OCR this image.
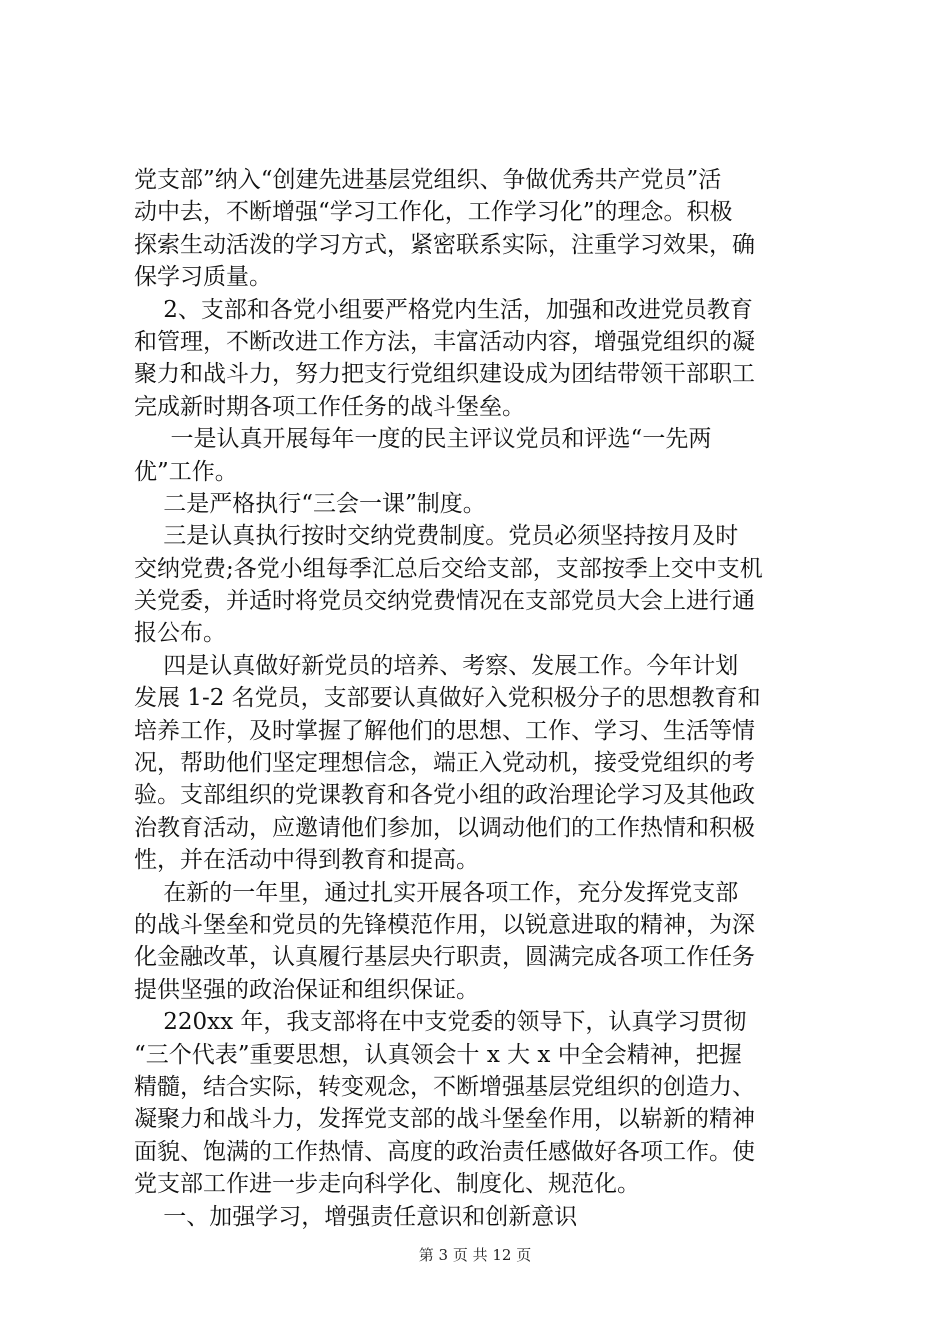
党支部”纳入“创建先进基层党组织、争做优秀共产党员”活
动中去，不断增强“学习工作化，工作学习化”的理念。积极
探索生动活泼的学习方式，紧密联系实际，注重学习效果，确
保学习质量。
2、支部和各党小组要严格党内生活，加强和改进党员教育
和管理，不断改进工作方法，丰富活动内容，增强党组织的凝
聚力和战斗力，努力把支行党组织建设成为团结带领干部职工
完成新时期各项工作任务的战斗堡垒。
一是认真开展每年一度的民主评议党员和评选“一先两
优”工作。
二是严格执行“三会一课”制度。
三是认真执行按时交纳党费制度。党员必须坚持按月及时
交纳党费;各党小组每季汇总后交给支部，支部按季上交中支机
关党委，并适时将党员交纳党费情况在支部党员大会上进行通
报公布。
四是认真做好新党员的培养、考察、发展工作。今年计划
发展 1-2 名党员，支部要认真做好入党积极分子的思想教育和
培养工作，及时掌握了解他们的思想、工作、学习、生活等情
况，帮助他们坚定理想信念，端正入党动机，接受党组织的考
验。支部组织的党课教育和各党小组的政治理论学习及其他政
治教育活动，应邀请他们参加，以调动他们的工作热情和积极
性，并在活动中得到教育和提高。
在新的一年里，通过扎实开展各项工作，充分发挥党支部
的战斗堡垒和党员的先锋模范作用，以锐意进取的精神，为深
化金融改革，认真履行基层央行职责，圆满完成各项工作任务
提供坚强的政治保证和组织保证。
220xx 年，我支部将在中支党委的领导下，认真学习贯彻
“三个代表”重要思想，认真领会十 x 大 x 中全会精神，把握
精髓，结合实际，转变观念，不断增强基层党组织的创造力、
凝聚力和战斗力，发挥党支部的战斗堡垒作用，以崭新的精神
面貌、饱满的工作热情、高度的政治责任感做好各项工作。使
党支部工作进一步走向科学化、制度化、规范化。
一、加强学习，增强责任意识和创新意识
第 3 页 共 12 页
